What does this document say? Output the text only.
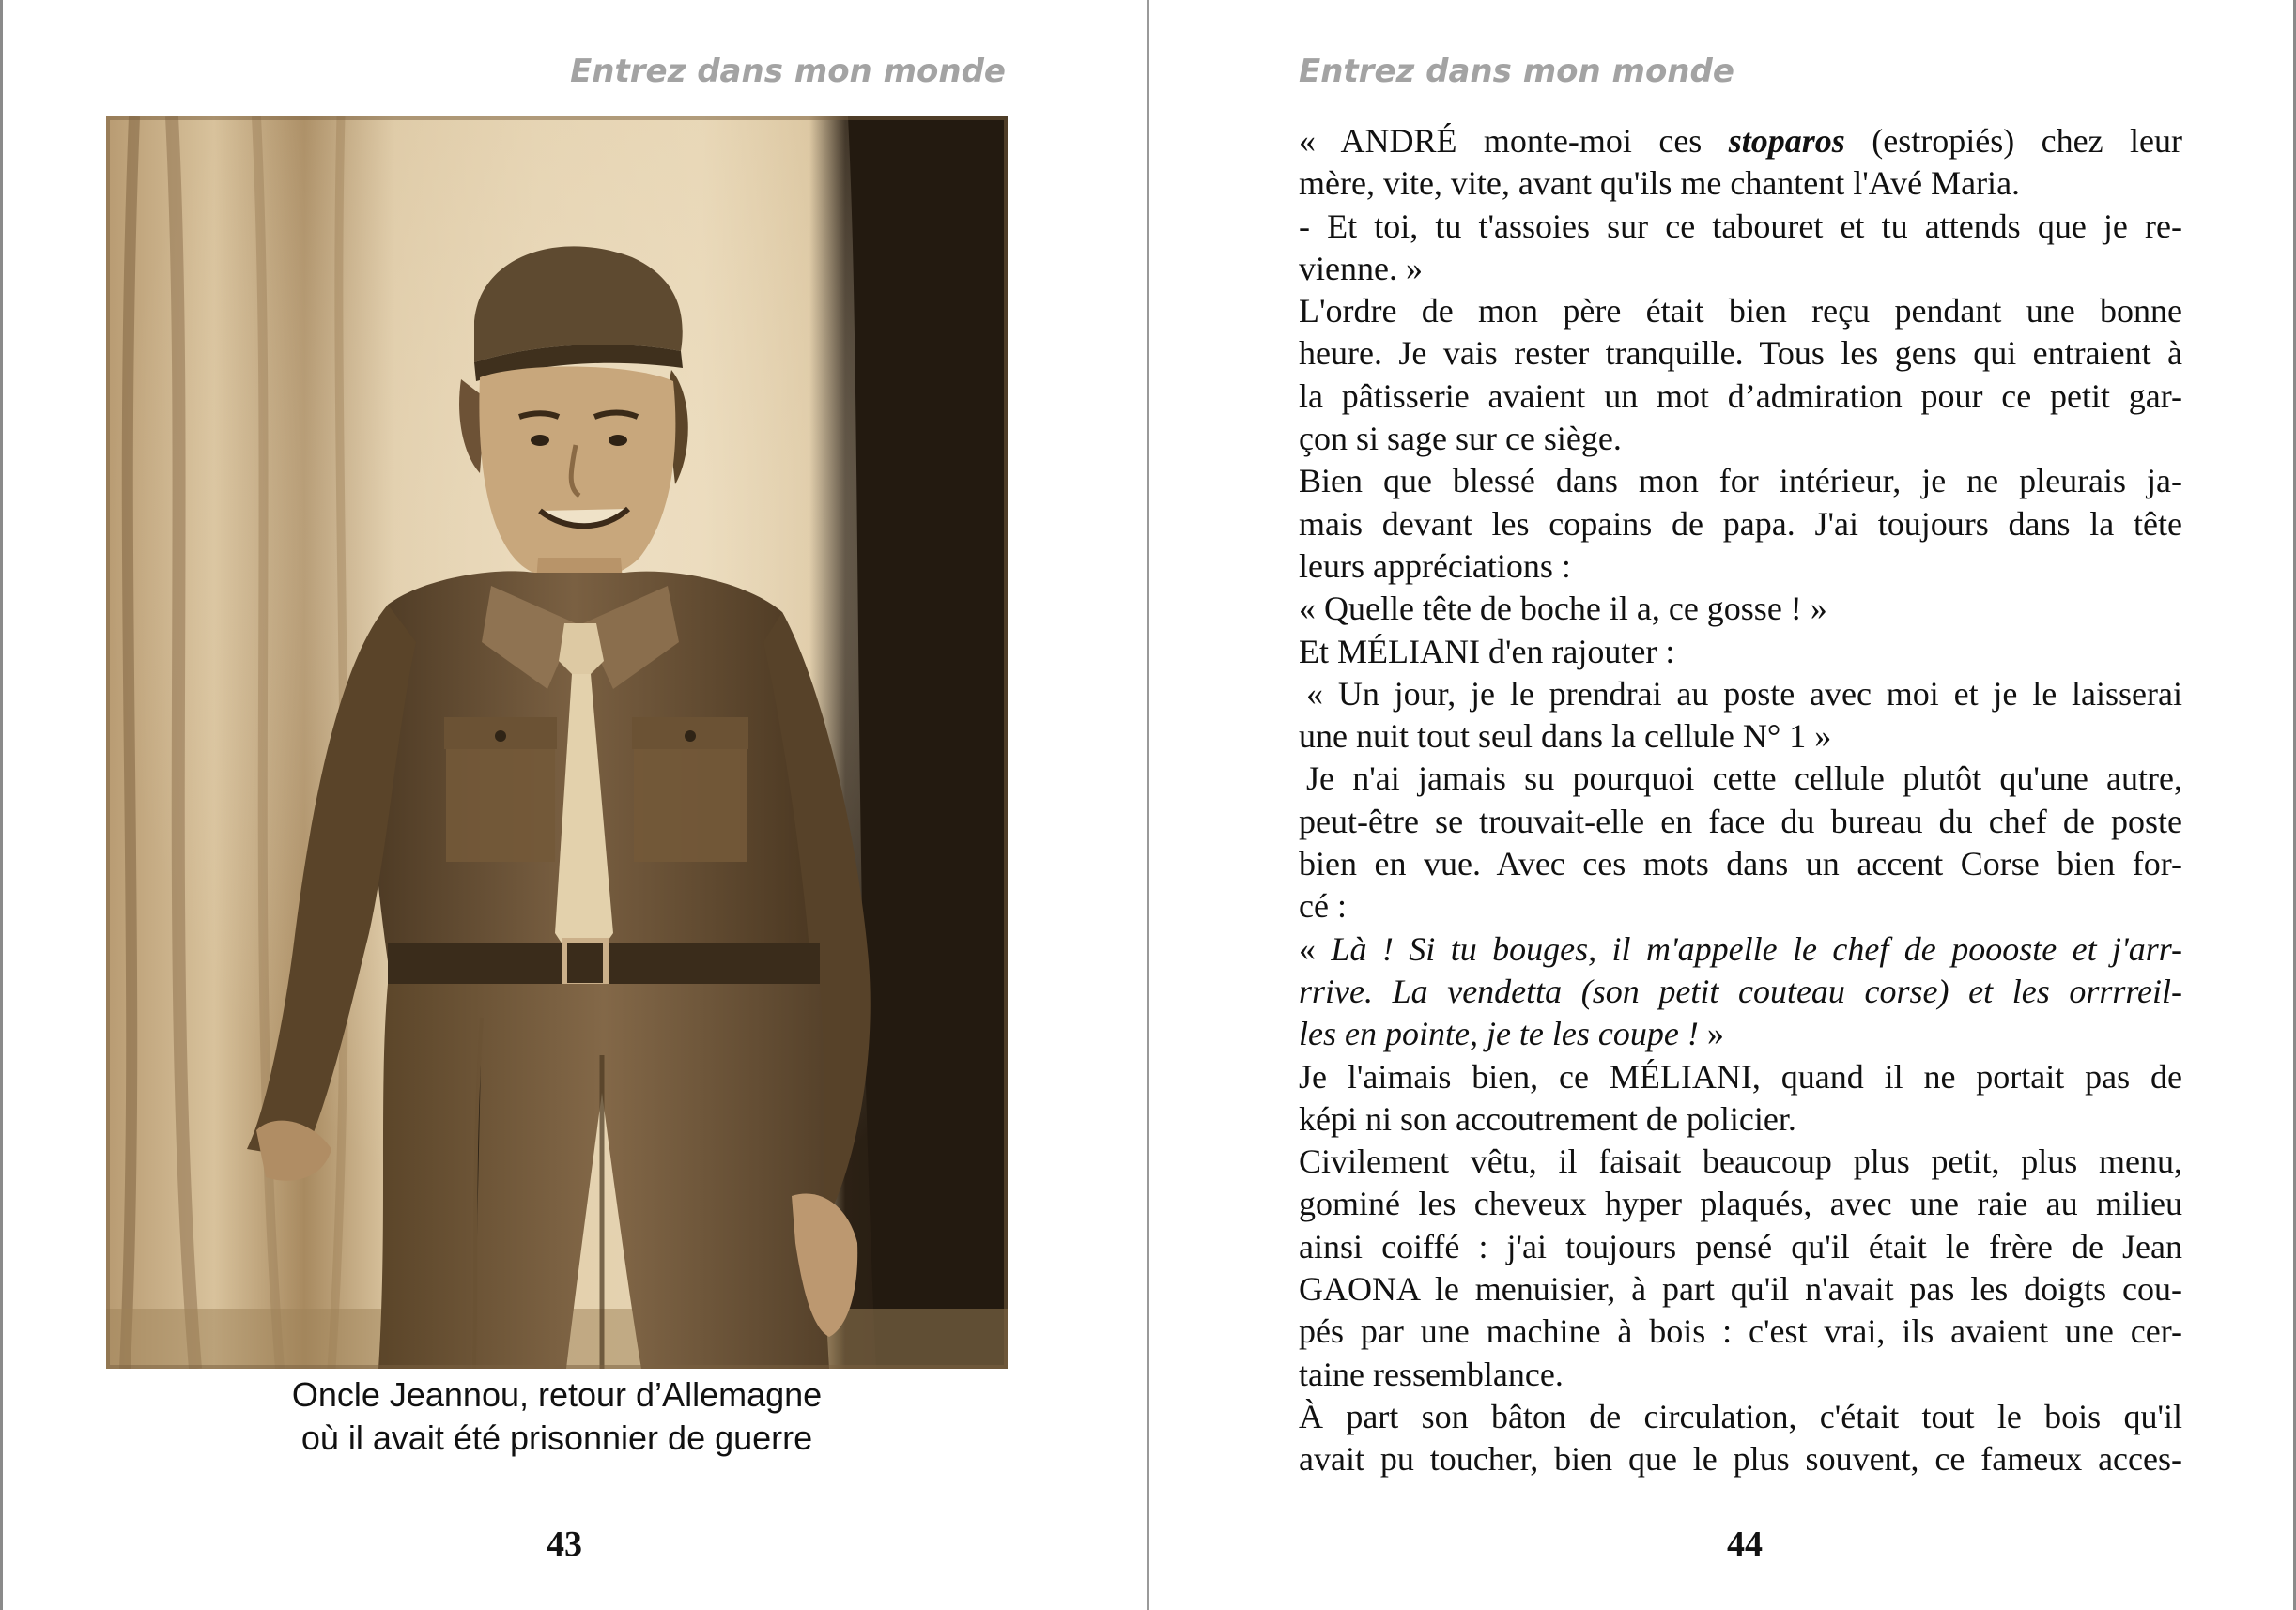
Entrez dans mon monde
Oncle Jeannou, retour d’Allemagne
où il avait été prisonnier de guerre
43
Entrez dans mon monde

« ANDRÉ monte-moi ces stoparos (estropiés) chez leur

mère, vite, vite, avant qu'ils me chantent l'Avé Maria.

- Et toi, tu t'assoies sur ce tabouret et tu attends que je re-

vienne. »

L'ordre de mon père était bien reçu pendant une bonne

heure. Je vais rester tranquille. Tous les gens qui entraient à

la pâtisserie avaient un mot d’admiration pour ce petit gar-

çon si sage sur ce siège.

Bien que blessé dans mon for intérieur, je ne pleurais ja-

mais devant les copains de papa. J'ai toujours dans la tête

leurs appréciations :

« Quelle tête de boche il a, ce gosse ! »

Et MÉLIANI d'en rajouter :

« Un jour, je le prendrai au poste avec moi et je le laisserai

une nuit tout seul dans la cellule N° 1 »

Je n'ai jamais su pourquoi cette cellule plutôt qu'une autre,

peut-être se trouvait-elle en face du bureau du chef de poste

bien en vue. Avec ces mots dans un accent Corse bien for-

cé :

« Là ! Si tu bouges, il m'appelle le chef de poooste et j'arr-

rrive. La vendetta (son petit couteau corse) et les orrrreil-

les en pointe, je te les coupe ! »

Je l'aimais bien, ce MÉLIANI, quand il ne portait pas de

képi ni son accoutrement de policier.

Civilement vêtu, il faisait beaucoup plus petit, plus menu,

gominé les cheveux hyper plaqués, avec une raie au milieu

ainsi coiffé : j'ai toujours pensé qu'il était le frère de Jean

GAONA le menuisier, à part qu'il n'avait pas les doigts cou-

pés par une machine à bois : c'est vrai, ils avaient une cer-

taine ressemblance.

À part son bâton de circulation, c'était tout le bois qu'il

avait pu toucher, bien que le plus souvent, ce fameux acces-

44
